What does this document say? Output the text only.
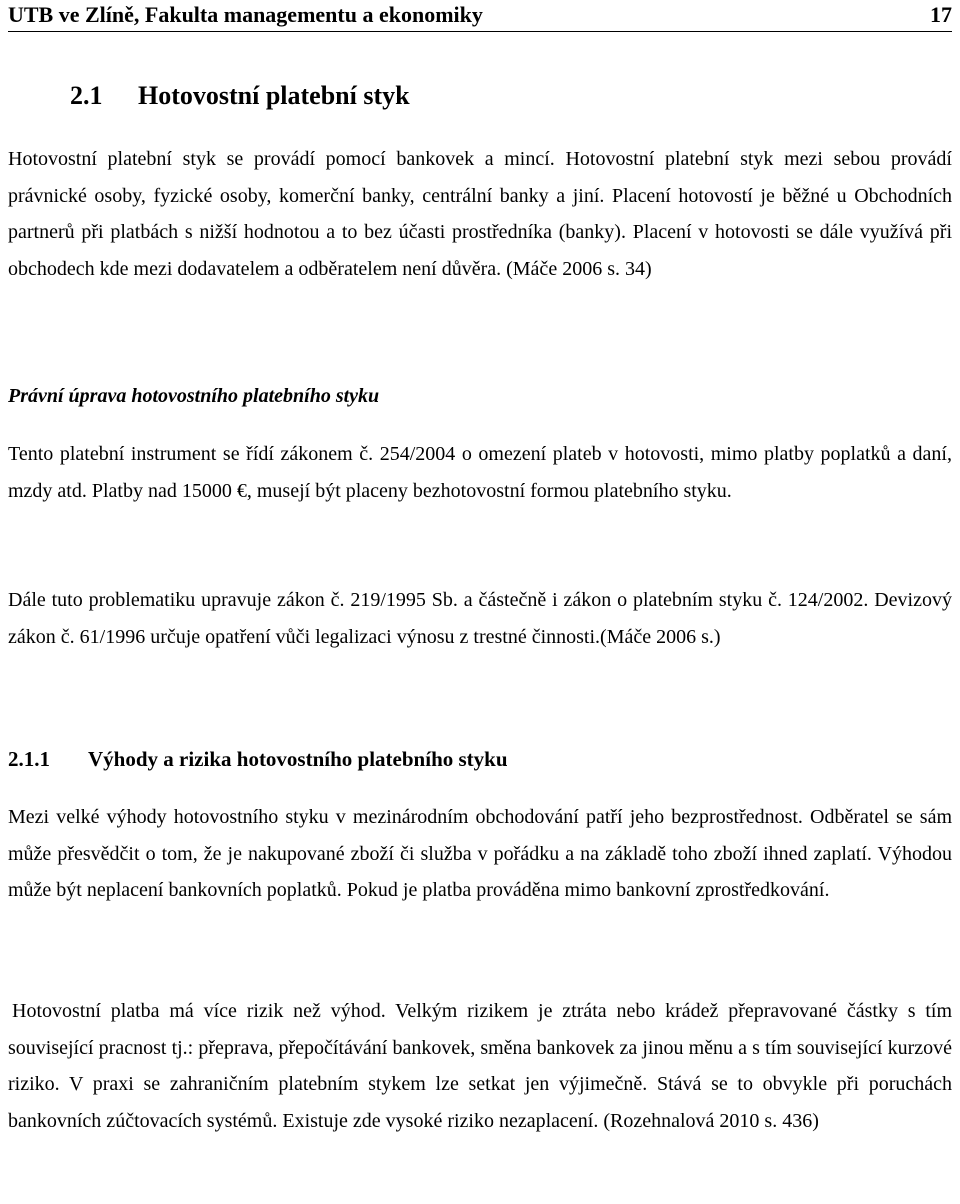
UTB ve Zlíně, Fakulta managementu a ekonomiky	17
2.1 Hotovostní platební styk

Hotovostní platební styk se provádí pomocí bankovek a mincí. Hotovostní platební styk mezi sebou provádí právnické osoby, fyzické osoby, komerční banky, centrální banky a jiní. Placení hotovostí je běžné u Obchodních partnerů při platbách s nižší hodnotou a to bez účasti prostředníka (banky). Placení v hotovosti se dále využívá při obchodech kde mezi dodavatelem a odběratelem není důvěra. (Máče 2006 s. 34)

Právní úprava hotovostního platebního styku

Tento platební instrument se řídí zákonem č. 254/2004 o omezení plateb v hotovosti, mimo platby poplatků a daní, mzdy atd. Platby nad 15000 €, musejí být placeny bezhotovostní formou platebního styku.

Dále tuto problematiku upravuje zákon č. 219/1995 Sb. a částečně i zákon o platebním styku č. 124/2002. Devizový zákon č. 61/1996 určuje opatření vůči legalizaci výnosu z trestné činnosti.(Máče 2006 s.)

2.1.1 Výhody a rizika hotovostního platebního styku

Mezi velké výhody hotovostního styku v mezinárodním obchodování patří jeho bezprostřednost. Odběratel se sám může přesvědčit o tom, že je nakupované zboží či služba v pořádku a na základě toho zboží ihned zaplatí. Výhodou může být neplacení bankovních poplatků. Pokud je platba prováděna mimo bankovní zprostředkování.

Hotovostní platba má více rizik než výhod. Velkým rizikem je ztráta nebo krádež přepravované částky s tím související pracnost tj.: přeprava, přepočítávání bankovek, směna bankovek za jinou měnu a s tím související kurzové riziko. V praxi se zahraničním platebním stykem lze setkat jen výjimečně. Stává se to obvykle při poruchách bankovních zúčtovacích systémů. Existuje zde vysoké riziko nezaplacení. (Rozehnalová 2010 s. 436)
